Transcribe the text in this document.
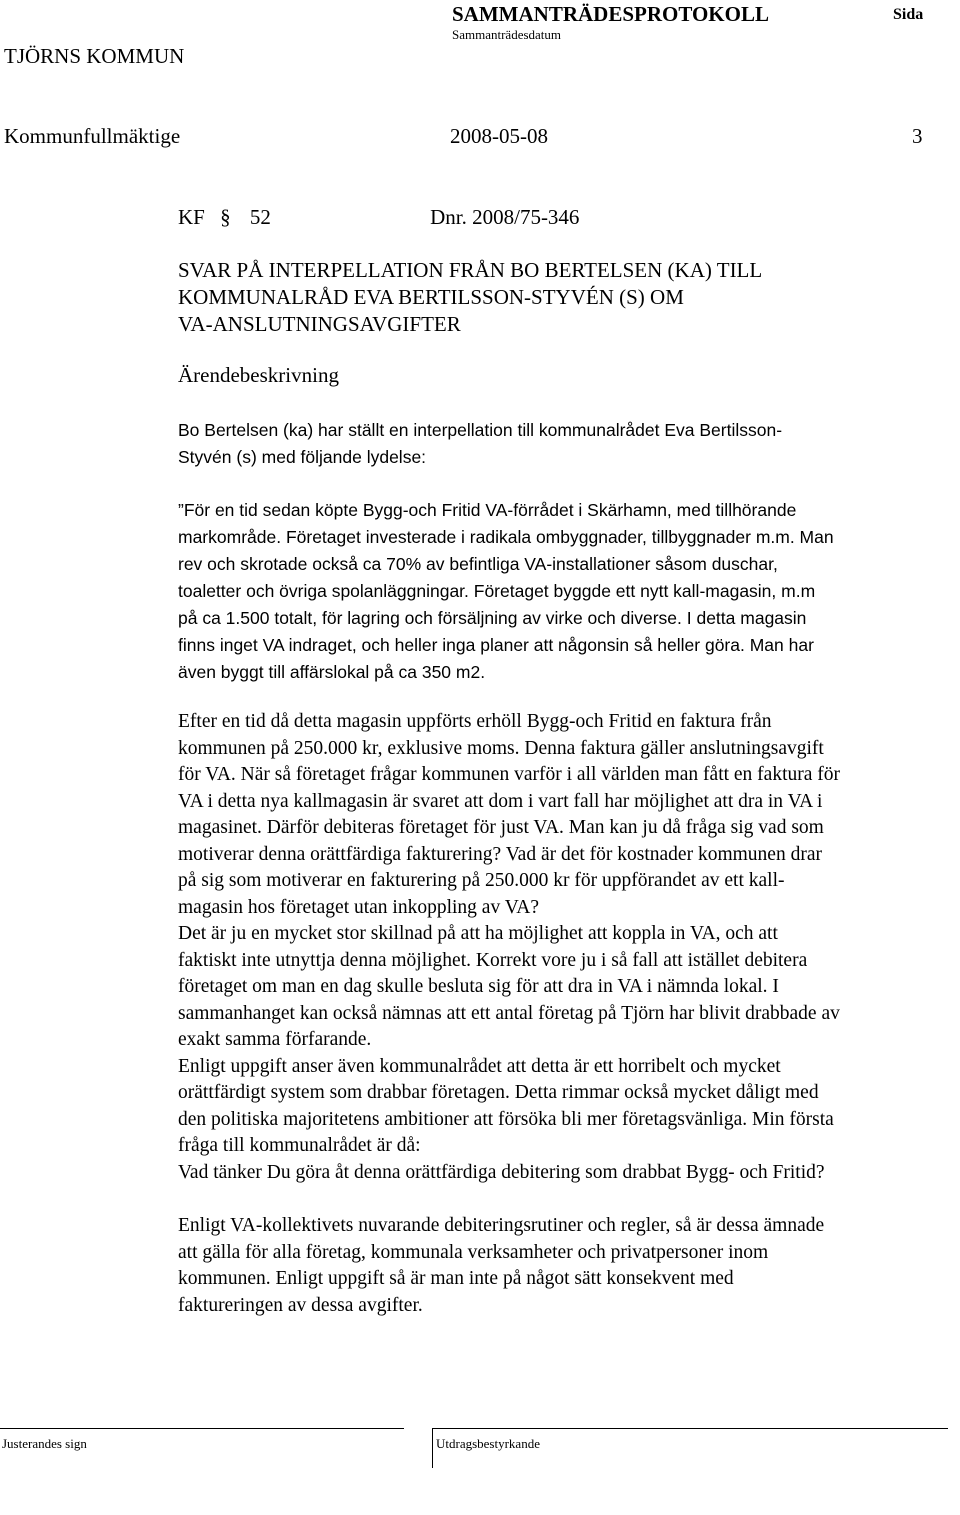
SAMMANTRÄDESPROTOKOLL	Sida
Sammanträdesdatum
TJÖRNS KOMMUN
Kommunfullmäktige	2008-05-08	3
KF § 52	Dnr. 2008/75-346
SVAR PÅ INTERPELLATION FRÅN BO BERTELSEN (KA) TILL
KOMMUNALRÅD EVA BERTILSSON-STYVÉN (S) OM
VA-ANSLUTNINGSAVGIFTER
Ärendebeskrivning
Bo Bertelsen (ka) har ställt en interpellation till kommunalrådet Eva Bertilsson-
Styvén (s) med följande lydelse:
”För en tid sedan köpte Bygg-och Fritid VA-förrådet i Skärhamn, med tillhörande
markområde. Företaget investerade i radikala ombyggnader, tillbyggnader m.m. Man
rev och skrotade också ca 70% av befintliga VA-installationer såsom duschar,
toaletter och övriga spolanläggningar. Företaget byggde ett nytt kall-magasin, m.m
på ca 1.500 totalt, för lagring och försäljning av virke och diverse. I detta magasin
finns inget VA indraget, och heller inga planer att någonsin så heller göra. Man har
även byggt till affärslokal på ca 350 m2.
Efter en tid då detta magasin uppförts erhöll Bygg-och Fritid en faktura från
kommunen på 250.000 kr, exklusive moms. Denna faktura gäller anslutningsavgift
för VA. När så företaget frågar kommunen varför i all världen man fått en faktura för
VA i detta nya kallmagasin är svaret att dom i vart fall har möjlighet att dra in VA i
magasinet. Därför debiteras företaget för just VA. Man kan ju då fråga sig vad som
motiverar denna orättfärdiga fakturering? Vad är det för kostnader kommunen drar
på sig som motiverar en fakturering på 250.000 kr för uppförandet av ett kall-
magasin hos företaget utan inkoppling av VA?
Det är ju en mycket stor skillnad på att ha möjlighet att koppla in VA, och att
faktiskt inte utnyttja denna möjlighet. Korrekt vore ju i så fall att istället debitera
företaget om man en dag skulle besluta sig för att dra in VA i nämnda lokal. I
sammanhanget kan också nämnas att ett antal företag på Tjörn har blivit drabbade av
exakt samma förfarande.
Enligt uppgift anser även kommunalrådet att detta är ett horribelt och mycket
orättfärdigt system som drabbar företagen. Detta rimmar också mycket dåligt med
den politiska majoritetens ambitioner att försöka bli mer företagsvänliga. Min första
fråga till kommunalrådet är då:
Vad tänker Du göra åt denna orättfärdiga debitering som drabbat Bygg- och Fritid?
Enligt VA-kollektivets nuvarande debiteringsrutiner och regler, så är dessa ämnade
att gälla för alla företag, kommunala verksamheter och privatpersoner inom
kommunen. Enligt uppgift så är man inte på något sätt konsekvent med
faktureringen av dessa avgifter.
Justerandes sign	Utdragsbestyrkande
